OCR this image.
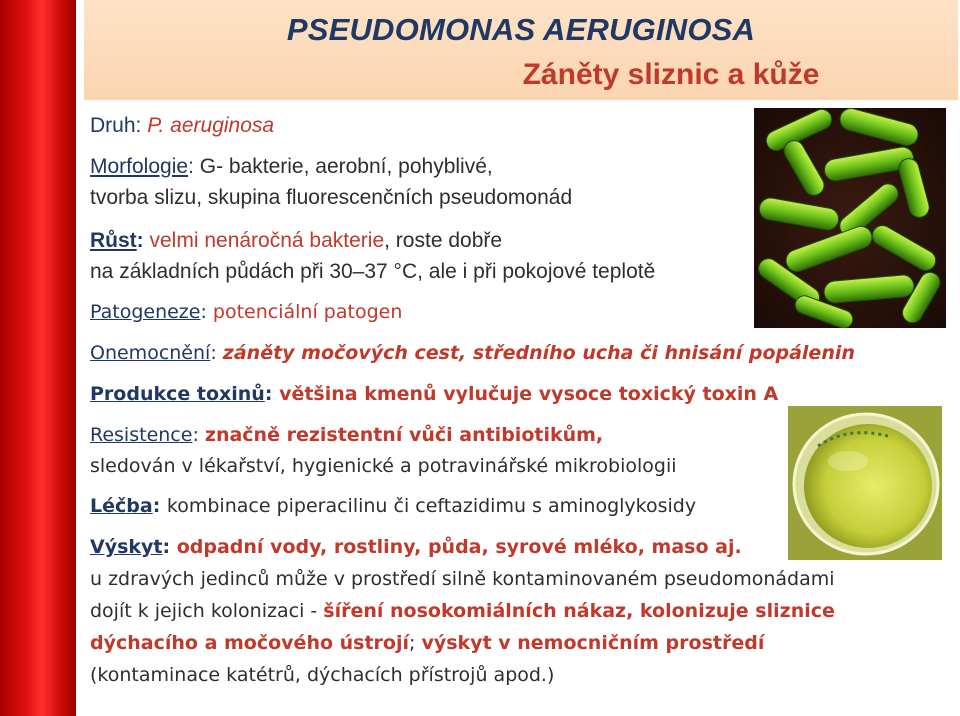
PSEUDOMONAS AERUGINOSA
Záněty sliznic a kůže
Druh: P. aeruginosa
Morfologie: G- bakterie, aerobní, pohyblivé,
tvorba slizu, skupina fluorescenčních pseudomonád
Růst: velmi nenáročná bakterie, roste dobře
na základních půdách při 30–37 °C, ale i při pokojové teplotě
Patogeneze: potenciální patogen
Onemocnění: záněty močových cest, středního ucha či hnisání popálenin
Produkce toxinů: většina kmenů vylučuje vysoce toxický toxin A
Resistence: značně rezistentní vůči antibiotikům,
sledován v lékařství, hygienické a potravinářské mikrobiologii
Léčba: kombinace piperacilinu či ceftazidimu s aminoglykosidy
Výskyt: odpadní vody, rostliny, půda, syrové mléko, maso aj.
u zdravých jedinců může v prostředí silně kontaminovaném pseudomonádami
dojít k jejich kolonizaci - šíření nosokomiálních nákaz, kolonizuje sliznice
dýchacího a močového ústrojí; výskyt v nemocničním prostředí
(kontaminace katétrů, dýchacích přístrojů apod.)
